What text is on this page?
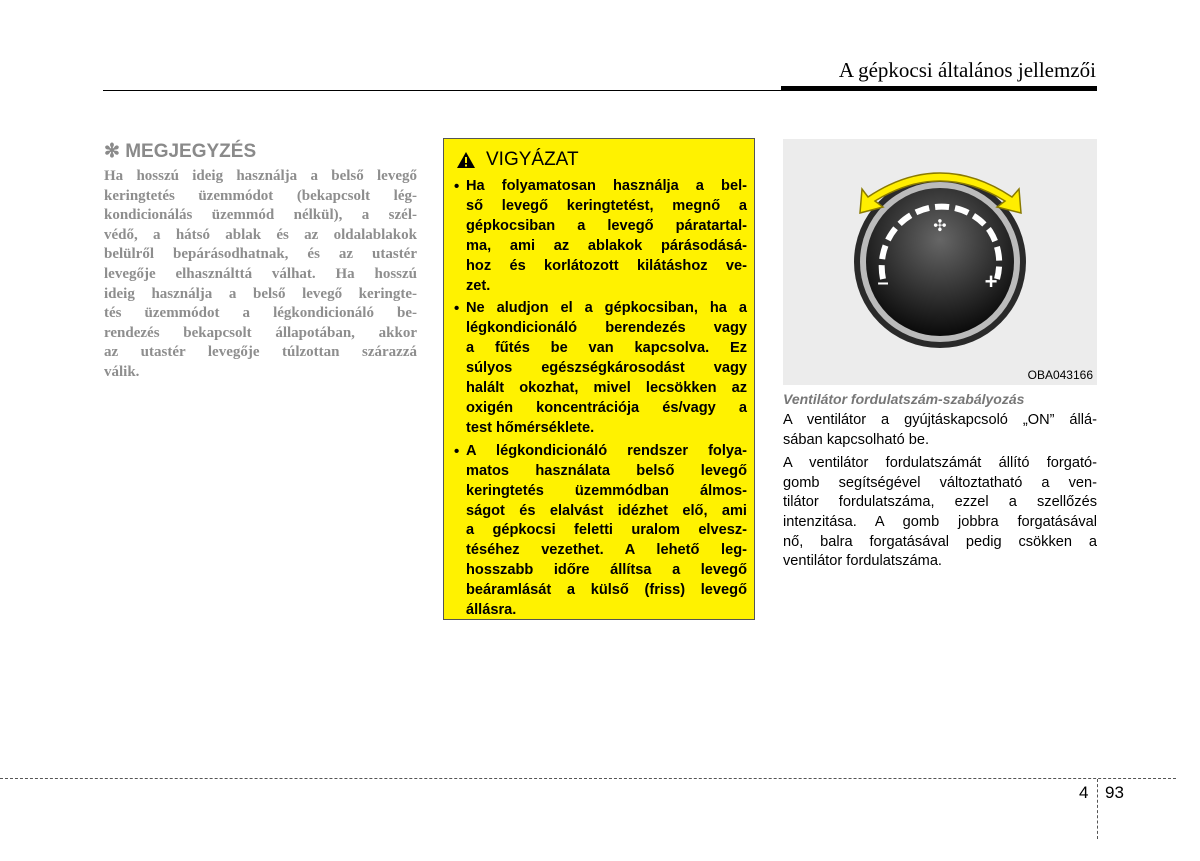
A gépkocsi általános jellemzői
✻ MEGJEGYZÉS
Ha hosszú ideig használja a belső levegő
keringtetés üzemmódot (bekapcsolt lég-
kondicionálás üzemmód nélkül), a szél-
védő, a hátsó ablak és az oldalablakok
belülről bepárásodhatnak, és az utastér
levegője elhasználttá válhat. Ha hosszú
ideig használja a belső levegő keringte-
tés üzemmódot a légkondicionáló be-
rendezés bekapcsolt állapotában, akkor
az utastér levegője túlzottan szárazzá
válik.
VIGYÁZAT
• Ha folyamatosan használja a bel-
ső levegő keringtetést, megnő a
gépkocsiban a levegő páratartal-
ma, ami az ablakok párásodásá-
hoz és korlátozott kilátáshoz ve-
zet.
• Ne aludjon el a gépkocsiban, ha a
légkondicionáló berendezés vagy
a fűtés be van kapcsolva. Ez
súlyos egészségkárosodást vagy
halált okozhat, mivel lecsökken az
oxigén koncentrációja és/vagy a
test hőmérséklete.
• A légkondicionáló rendszer folya-
matos használata belső levegő
keringtetés üzemmódban álmos-
ságot és elalvást idézhet elő, ami
a gépkocsi feletti uralom elvesz-
téséhez vezethet. A lehető leg-
hosszabb időre állítsa a levegő
beáramlását a külső (friss) levegő
állásra.
✣
–	+
OBA043166
Ventilátor fordulatszám-szabályozás

A ventilátor a gyújtáskapcsoló „ON” állá-
sában kapcsolható be.

A ventilátor fordulatszámát állító forgató-
gomb segítségével változtatható a ven-
tilátor fordulatszáma, ezzel a szellőzés
intenzitása. A gomb jobbra forgatásával
nő, balra forgatásával pedig csökken a
ventilátor fordulatszáma.

4 93
